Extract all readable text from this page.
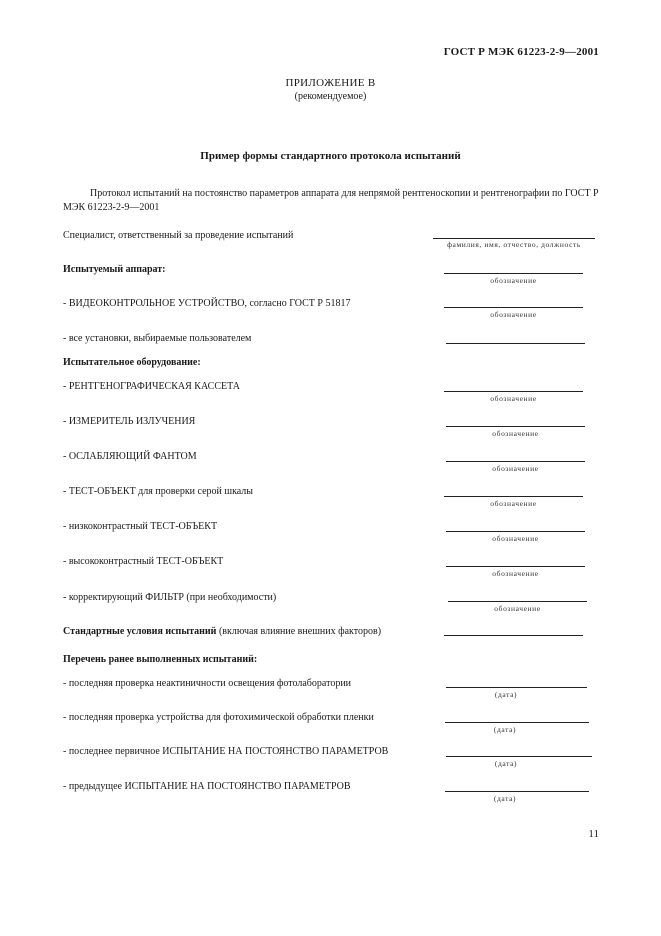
ГОСТ Р МЭК 61223-2-9—2001
ПРИЛОЖЕНИЕ В
(рекомендуемое)
Пример формы стандартного протокола испытаний
Протокол испытаний на постоянство параметров аппарата для непрямой рентгеноскопии и рентгенографии по ГОСТ Р МЭК 61223-2-9—2001
Специалист, ответственный за проведение испытаний
фамилия, имя, отчество, должность
Испытуемый аппарат:
обозначение
- ВИДЕОКОНТРОЛЬНОЕ УСТРОЙСТВО, согласно ГОСТ Р 51817
обозначение
- все установки, выбираемые пользователем
Испытательное оборудование:
- РЕНТГЕНОГРАФИЧЕСКАЯ КАССЕТА
обозначение
- ИЗМЕРИТЕЛЬ ИЗЛУЧЕНИЯ
обозначение
- ОСЛАБЛЯЮЩИЙ ФАНТОМ
обозначение
- ТЕСТ-ОБЪЕКТ для проверки серой шкалы
обозначение
- низкоконтрастный ТЕСТ-ОБЪЕКТ
обозначение
- высококонтрастный ТЕСТ-ОБЪЕКТ
обозначение
- корректирующий ФИЛЬТР (при необходимости)
обозначение
Стандартные условия испытаний (включая влияние внешних факторов)
Перечень ранее выполненных испытаний:
- последняя проверка неактиничности освещения фотолаборатории
(дата)
- последняя проверка устройства для фотохимической обработки пленки
(дата)
- последнее первичное ИСПЫТАНИЕ НА ПОСТОЯНСТВО ПАРАМЕТРОВ
(дата)
- предыдущее ИСПЫТАНИЕ НА ПОСТОЯНСТВО ПАРАМЕТРОВ
(дата)
11
